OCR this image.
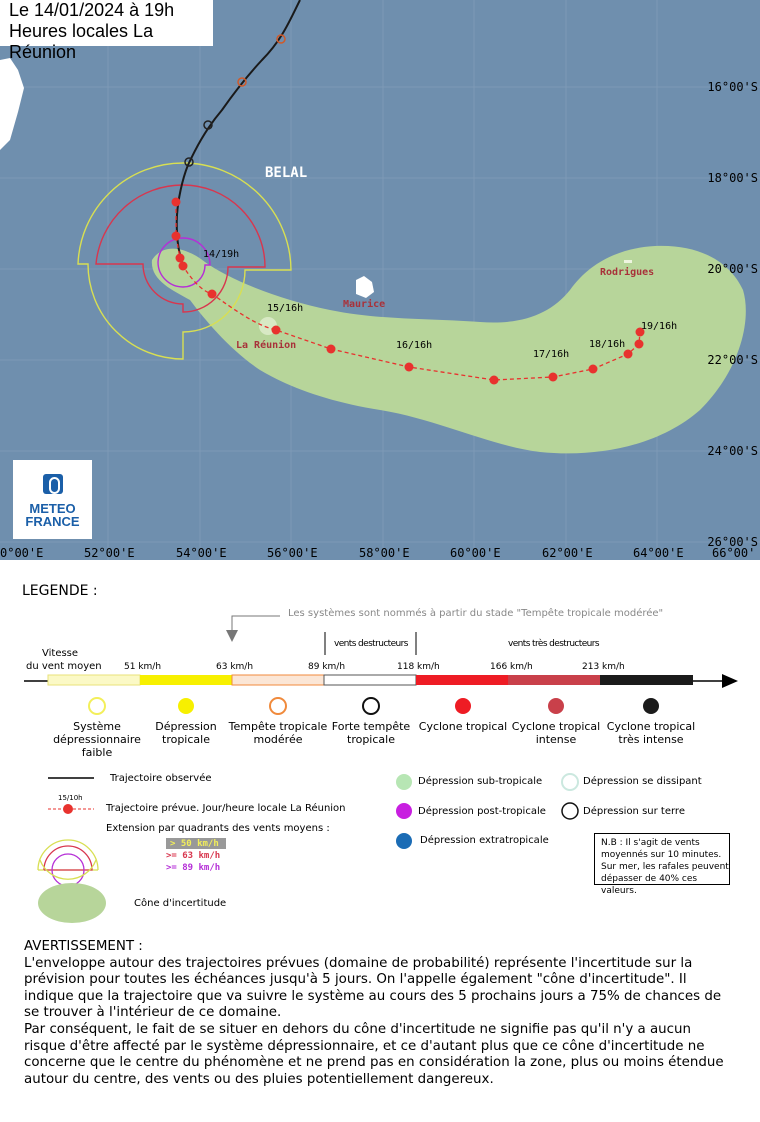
Le 14/01/2024 à 19h
Heures locales La Réunion
BELAL
Maurice
La Réunion
Rodrigues
14/19h
15/16h
16/16h
17/16h
18/16h
19/16h
16°00'S
18°00'S
20°00'S
22°00'S
24°00'S
26°00'S
0°00'E	52°00'E	54°00'E	56°00'E	58°00'E	60°00'E	62°00'E	64°00'E 66°00'
METEO
FRANCE
LEGENDE :
Les systèmes sont nommés à partir du stade "Tempête tropicale modérée"
vents destructeurs	vents très destructeurs
Vitesse
du vent moyen 51 km/h	63 km/h	89 km/h	118 km/h	166 km/h	213 km/h
Système
dépressionnaire
faible
Dépression
tropicale
Tempête tropicale
modérée
Forte tempête
tropicale
Cyclone tropical Cyclone tropical
intense
Cyclone tropical
très intense
Trajectoire observée
15/10h
Trajectoire prévue. Jour/heure locale La Réunion
Extension par quadrants des vents moyens :
> 50 km/h
>= 63 km/h
>= 89 km/h
Cône d'incertitude
Dépression sub-tropicale
Dépression post-tropicale
Dépression extratropicale
Dépression se dissipant
Dépression sur terre
N.B : Il s'agit de vents
moyennés sur 10 minutes.
Sur mer, les rafales peuvent
dépasser de 40% ces valeurs.

AVERTISSEMENT :

L'enveloppe autour des trajectoires prévues (domaine de probabilité) représente l'incertitude sur la prévision pour toutes les échéances jusqu'à 5 jours. On l'appelle également "cône d'incertitude". Il indique que la trajectoire que va suivre le système au cours des 5 prochains jours a 75% de chances de se trouver à l'intérieur de ce domaine.

Par conséquent, le fait de se situer en dehors du cône d'incertitude ne signifie pas qu'il n'y a aucun risque d'être affecté par le système dépressionnaire, et ce d'autant plus que ce cône d'incertitude ne concerne que le centre du phénomène et ne prend pas en considération la zone, plus ou moins étendue autour du centre, des vents ou des pluies potentiellement dangereux.
